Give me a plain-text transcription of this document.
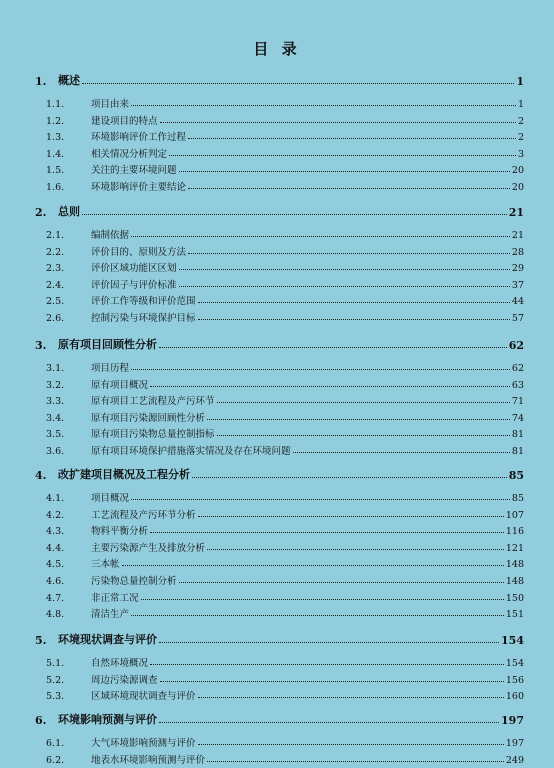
目 录
1. 概述	1
1.1.	项目由来	1
1.2.	建设项目的特点	2
1.3.	环境影响评价工作过程	2
1.4.	相关情况分析判定	3
1.5.	关注的主要环境问题	20
1.6.	环境影响评价主要结论	20
2. 总则	21
2.1.	编制依据	21
2.2.	评价目的、原则及方法	28
2.3.	评价区域功能区区划	29
2.4.	评价因子与评价标准	37
2.5.	评价工作等级和评价范围	44
2.6.	控制污染与环境保护目标	57
3. 原有项目回顾性分析	62
3.1.	项目历程	62
3.2.	原有项目概况	63
3.3.	原有项目工艺流程及产污环节	71
3.4.	原有项目污染源回顾性分析	74
3.5.	原有项目污染物总量控制指标	81
3.6.	原有项目环境保护措施落实情况及存在环境问题	81
4. 改扩建项目概况及工程分析	85
4.1.	项目概况	85
4.2.	工艺流程及产污环节分析	107
4.3.	物料平衡分析	116
4.4.	主要污染源产生及排放分析	121
4.5.	三本帐	148
4.6.	污染物总量控制分析	148
4.7.	非正常工况	150
4.8.	清洁生产	151
5. 环境现状调查与评价	154
5.1.	自然环境概况	154
5.2.	周边污染源调查	156
5.3.	区域环境现状调查与评价	160
6. 环境影响预测与评价	197
6.1.	大气环境影响预测与评价	197
6.2.	地表水环境影响预测与评价	249
